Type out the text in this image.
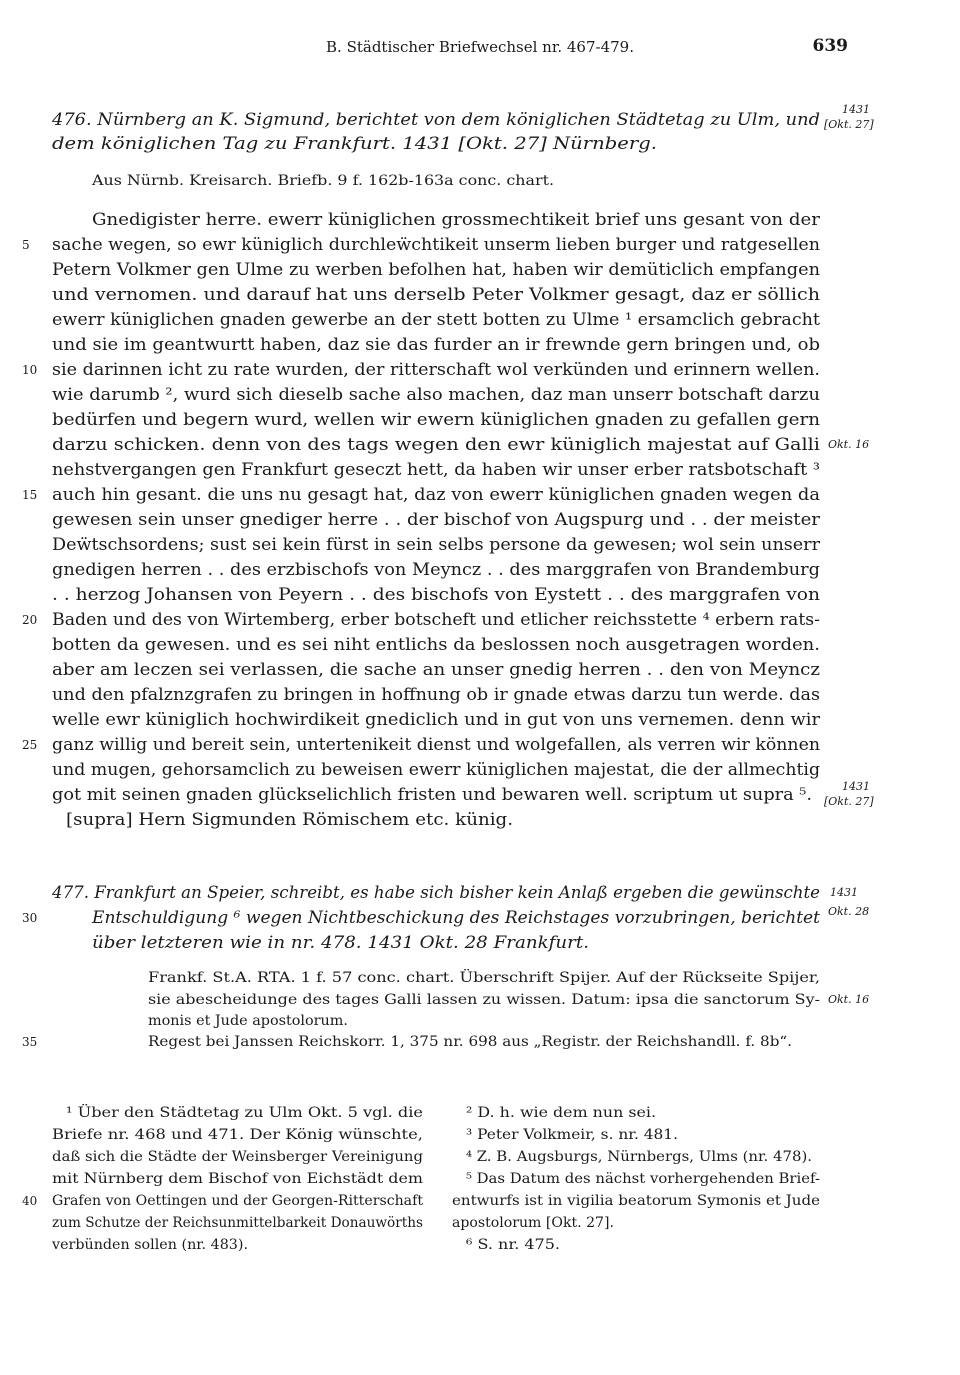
B. Städtischer Briefwechsel nr. 467-479.	639
476. Nürnberg an K. Sigmund, berichtet von dem königlichen Städtetag zu Ulm, und
dem königlichen Tag zu Frankfurt. 1431 [Okt. 27] Nürnberg.
Aus Nürnb. Kreisarch. Briefb. 9 f. 162b-163a conc. chart.
Gnedigister herre. ewerr küniglichen grossmechtikeit brief uns gesant von der
sache wegen, so ewr küniglich durchleẅchtikeit unserm lieben burger und ratgesellen
Petern Volkmer gen Ulme zu werben befolhen hat, haben wir demüticlich empfangen
und vernomen. und darauf hat uns derselb Peter Volkmer gesagt, daz er söllich
ewerr küniglichen gnaden gewerbe an der stett botten zu Ulme ¹ ersamclich gebracht
und sie im geantwurtt haben, daz sie das furder an ir frewnde gern bringen und, ob
sie darinnen icht zu rate wurden, der ritterschaft wol verkünden und erinnern wellen.
wie darumb ², wurd sich dieselb sache also machen, daz man unserr botschaft darzu
bedürfen und begern wurd, wellen wir ewern küniglichen gnaden zu gefallen gern
darzu schicken. denn von des tags wegen den ewr küniglich majestat auf Galli
nehstvergangen gen Frankfurt geseczt hett, da haben wir unser erber ratsbotschaft ³
auch hin gesant. die uns nu gesagt hat, daz von ewerr küniglichen gnaden wegen da
gewesen sein unser gnediger herre . . der bischof von Augspurg und . . der meister
Deẅtschsordens; sust sei kein fürst in sein selbs persone da gewesen; wol sein unserr
gnedigen herren . . des erzbischofs von Meyncz . . des marggrafen von Brandemburg
. . herzog Johansen von Peyern . . des bischofs von Eystett . . des marggrafen von
Baden und des von Wirtemberg, erber botscheft und etlicher reichsstette ⁴ erbern rats-
botten da gewesen. und es sei niht entlichs da beslossen noch ausgetragen worden.
aber am leczen sei verlassen, die sache an unser gnedig herren . . den von Meyncz
und den pfalznzgrafen zu bringen in hoffnung ob ir gnade etwas darzu tun werde. das
welle ewr küniglich hochwirdikeit gnediclich und in gut von uns vernemen. denn wir
ganz willig und bereit sein, untertenikeit dienst und wolgefallen, als verren wir können
und mugen, gehorsamclich zu beweisen ewerr küniglichen majestat, die der allmechtig
got mit seinen gnaden glückselichlich fristen und bewaren well. scriptum ut supra ⁵.
[supra] Hern Sigmunden Römischem etc. künig.
477. Frankfurt an Speier, schreibt, es habe sich bisher kein Anlaß ergeben die gewünschte
Entschuldigung ⁶ wegen Nichtbeschickung des Reichstages vorzubringen, berichtet
über letzteren wie in nr. 478. 1431 Okt. 28 Frankfurt.
Frankf. St.A. RTA. 1 f. 57 conc. chart. Überschrift Spijer. Auf der Rückseite Spijer,
sie abescheidunge des tages Galli lassen zu wissen. Datum: ipsa die sanctorum Sy-
monis et Jude apostolorum.
Regest bei Janssen Reichskorr. 1, 375 nr. 698 aus „Registr. der Reichshandll. f. 8b“.
¹ Über den Städtetag zu Ulm Okt. 5 vgl. die
Briefe nr. 468 und 471. Der König wünschte,
daß sich die Städte der Weinsberger Vereinigung
mit Nürnberg dem Bischof von Eichstädt dem
Grafen von Oettingen und der Georgen-Ritterschaft
zum Schutze der Reichsunmittelbarkeit Donauwörths
verbünden sollen (nr. 483).
² D. h. wie dem nun sei.
³ Peter Volkmeir, s. nr. 481.
⁴ Z. B. Augsburgs, Nürnbergs, Ulms (nr. 478).
⁵ Das Datum des nächst vorhergehenden Brief-
entwurfs ist in vigilia beatorum Symonis et Jude
apostolorum [Okt. 27].
⁶ S. nr. 475.
5
10
15
20
25
30
35
40
1431
[Okt. 27]
Okt. 16
1431
[Okt. 27]
1431
Okt. 28
Okt. 16
